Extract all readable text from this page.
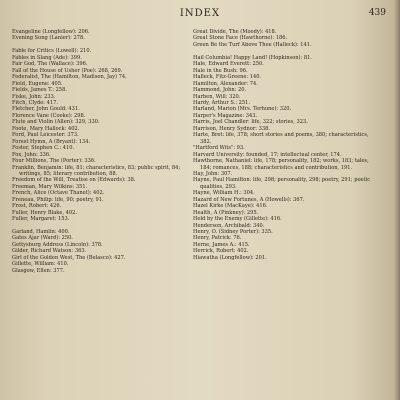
INDEX	439
Evangeline (Longfellow): 206.
Evening Song (Lanier): 278.
Fable for Critics (Lowell): 210.
Fables in Slang (Ade): 399.
Fair God, The (Wallace): 396.
Fall of the House of Usher (Poe): 268, 269.
Federalist, The (Hamilton, Madison, Jay) 74.
Field, Eugene: 405.
Fields, James T.: 258.
Fiske, John: 233.
Fitch, Clyde: 417.
Fletcher, John Gould: 431.
Florence Vane (Cooke): 298.
Flute and Violin (Allen): 329, 330.
Foote, Mary Hallock: 402.
Ford, Paul Leicester: 373.
Forest Hymn, A (Bryant): 134.
Foster, Stephen C.: 410.
Fox, John: 336.
Four Millions, The (Porter): 336.
Franklin, Benjamin: life, 81; characteristics, 83; public spirit, 84; writings, 85; literary contribution, 88.
Freedom of the Will, Treatise on (Edwards): 38.
Freeman, Mary Wilkins: 351.
French, Alice (Octave Thanet): 402.
Freneau, Philip: life, 90; poetry, 91.
Frost, Robert: 426.
Fuller, Henry Blake, 402.
Fuller, Margaret: 153.
Garland, Hamlin: 400.
Gates Ajar (Ward): 250.
Gettysburg Address (Lincoln): 378.
Gilder, Richard Watson: 363.
Girl of the Golden West, The (Belasco): 427.
Gillette, William: 410.
Glasgow, Ellen: 377.
Great Divide, The (Moody): 418.
Great Stone Face (Hawthorne): 186.
Green Be the Turf Above Thee (Halleck): 141.
Hail Columbia! Happy Land! (Hopkinson): 81.
Hale, Edward Everett: 250.
Hale in the Bush: 96.
Halleck, Fitz-Greene: 140.
Hamilton, Alexander: 74.
Hammond, John: 20.
Harben, Will: 320.
Hardy, Arthur S.: 251.
Harland, Marion (Mrs. Terhune): 320.
Harper's Magazine: 343.
Harris, Joel Chandler: life, 322; stories, 323.
Harrison, Henry Sydnor: 338.
Harte, Bret: life, 378; short stories and poems, 380; characteristics, 382.
"Hartford Wits": 93.
Harvard University: founded, 17; intellectual center, 174.
Hawthorne, Nathaniel: life, 178; personality, 182; works, 183; tales, 184; romances, 188; characteristics and contribution, 191.
Hay, John: 307.
Hayne, Paul Hamilton: life, 298; personality, 298; poetry, 291; poetic qualities, 293.
Hayne, William H.: 304.
Hazard of New Fortunes, A (Howells): 367.
Hazel Kirke (MacKaye): 416.
Health, A (Pinkney): 295.
Held by the Enemy (Gillette): 416.
Henderson, Archibald: 340.
Henry, O. (Sidney Porter): 335.
Henry, Patrick: 76.
Herne, James A.: 415.
Herrick, Robert: 402.
Hiawatha (Longfellow): 201.
